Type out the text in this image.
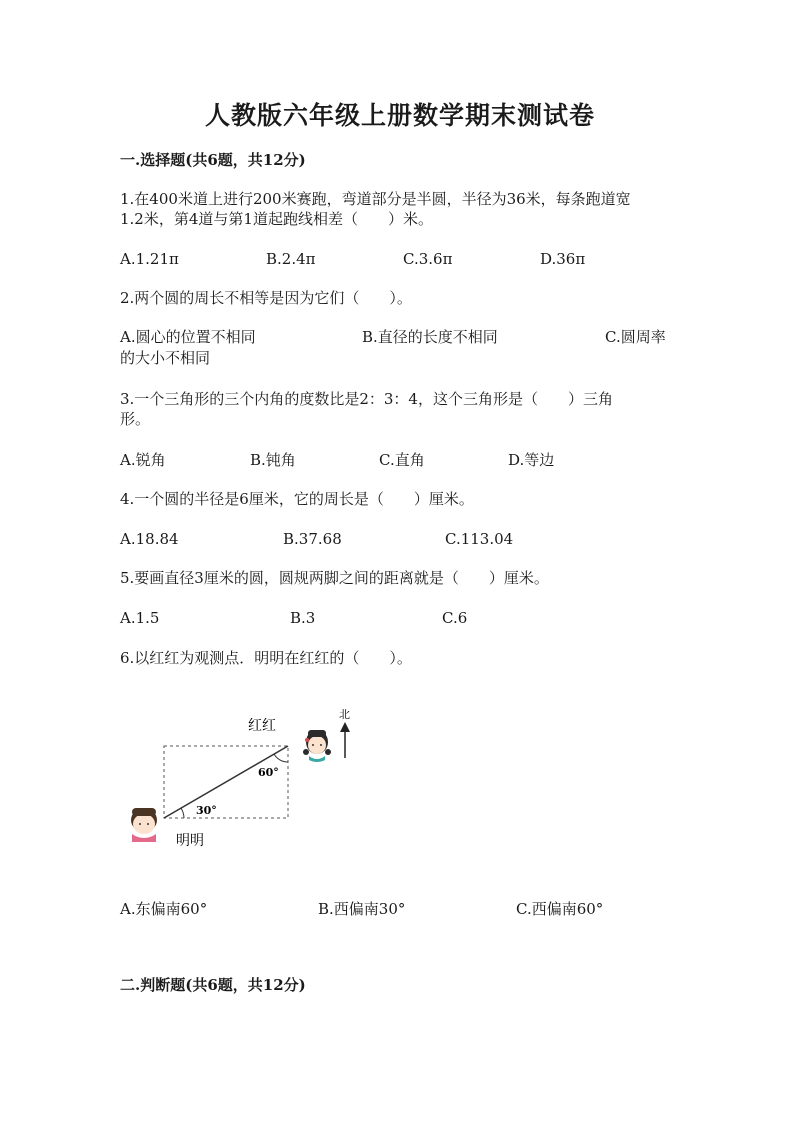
人教版六年级上册数学期末测试卷
一.选择题(共6题，共12分)
1.在400米道上进行200米赛跑，弯道部分是半圆，半径为36米，每条跑道宽
1.2米，第4道与第1道起跑线相差（　　）米。
A.1.21π	B.2.4π	C.3.6π	D.36π
2.两个圆的周长不相等是因为它们（　　）。
A.圆心的位置不相同	B.直径的长度不相同	C.圆周率
的大小不相同
3.一个三角形的三个内角的度数比是2：3：4，这个三角形是（　　）三角
形。
A.锐角	B.钝角	C.直角	D.等边
4.一个圆的半径是6厘米，它的周长是（　　）厘米。
A.18.84	B.37.68	C.113.04
5.要画直径3厘米的圆，圆规两脚之间的距离就是（　　）厘米。
A.1.5	B.3	C.6
6.以红红为观测点．明明在红红的（　　）。
60°
30°
北
红红
明明
A.东偏南60°	B.西偏南30°	C.西偏南60°
二.判断题(共6题，共12分)
